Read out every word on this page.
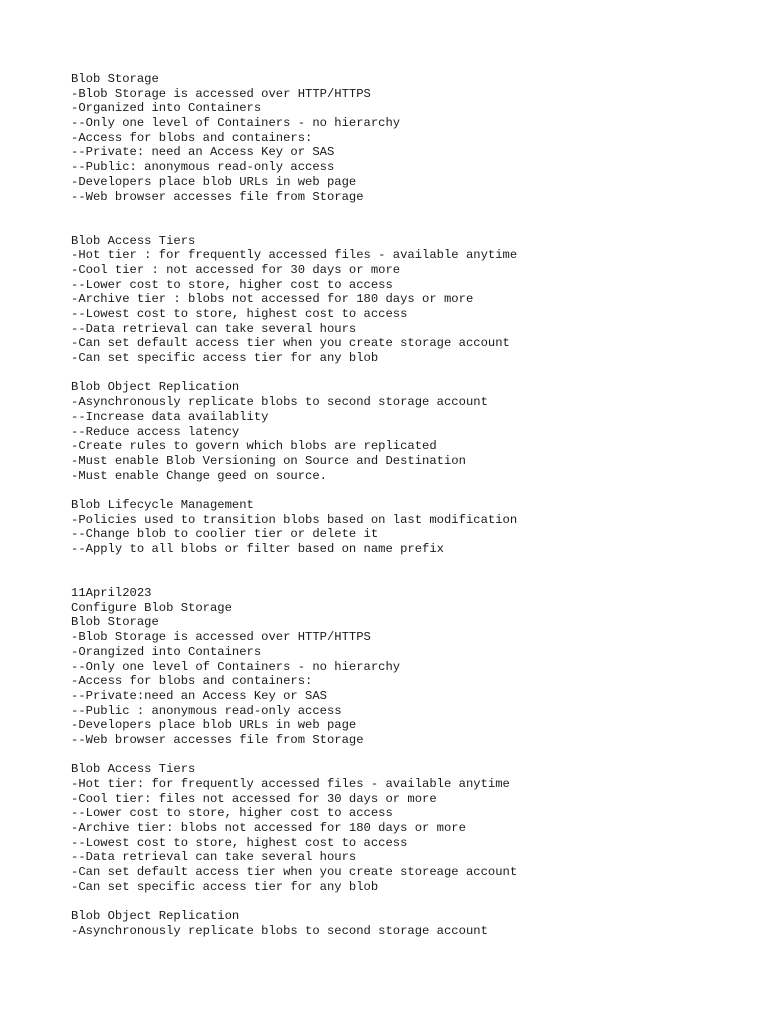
Blob Storage
-Blob Storage is accessed over HTTP/HTTPS
-Organized into Containers
--Only one level of Containers - no hierarchy
-Access for blobs and containers:
--Private: need an Access Key or SAS
--Public: anonymous read-only access
-Developers place blob URLs in web page
--Web browser accesses file from Storage
Blob Access Tiers
-Hot tier : for frequently accessed files - available anytime
-Cool tier : not accessed for 30 days or more
--Lower cost to store, higher cost to access
-Archive tier : blobs not accessed for 180 days or more
--Lowest cost to store, highest cost to access
--Data retrieval can take several hours
-Can set default access tier when you create storage account
-Can set specific access tier for any blob
Blob Object Replication
-Asynchronously replicate blobs to second storage account
--Increase data availablity
--Reduce access latency
-Create rules to govern which blobs are replicated
-Must enable Blob Versioning on Source and Destination
-Must enable Change geed on source.
Blob Lifecycle Management
-Policies used to transition blobs based on last modification
--Change blob to coolier tier or delete it
--Apply to all blobs or filter based on name prefix
11April2023
Configure Blob Storage
Blob Storage
-Blob Storage is accessed over HTTP/HTTPS
-Orangized into Containers
--Only one level of Containers - no hierarchy
-Access for blobs and containers:
--Private:need an Access Key or SAS
--Public : anonymous read-only access
-Developers place blob URLs in web page
--Web browser accesses file from Storage
Blob Access Tiers
-Hot tier: for frequently accessed files - available anytime
-Cool tier: files not accessed for 30 days or more
--Lower cost to store, higher cost to access
-Archive tier: blobs not accessed for 180 days or more
--Lowest cost to store, highest cost to access
--Data retrieval can take several hours
-Can set default access tier when you create storeage account
-Can set specific access tier for any blob
Blob Object Replication
-Asynchronously replicate blobs to second storage account
